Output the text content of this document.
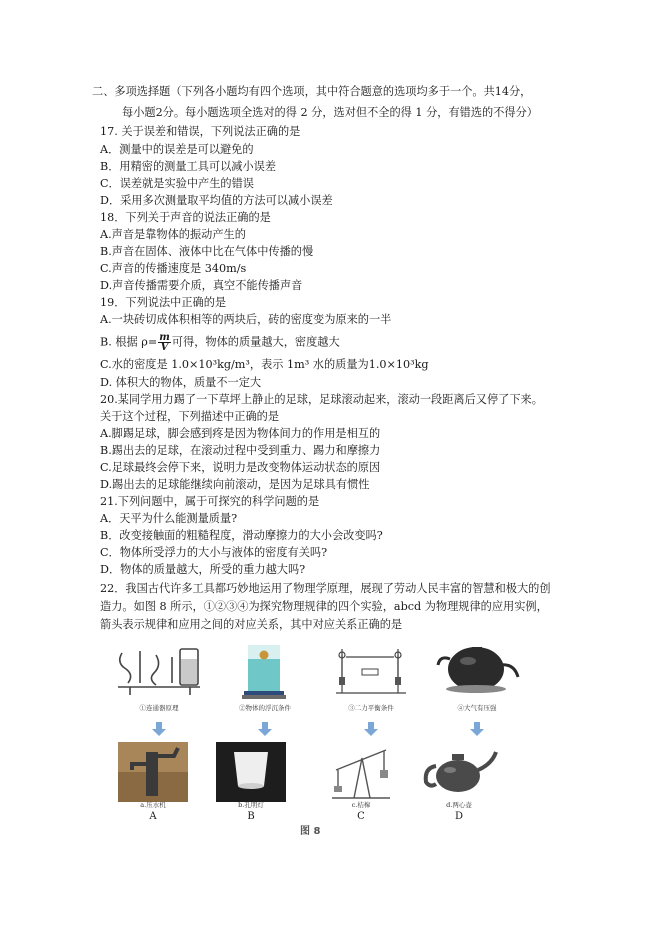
二、多项选择题（下列各小题均有四个选项，其中符合题意的选项均多于一个。共14分，
每小题2分。每小题选项全选对的得 2 分，选对但不全的得 1 分，有错选的不得分）
17. 关于误差和错误，下列说法正确的是
A．测量中的误差是可以避免的
B．用精密的测量工具可以减小误差
C．误差就是实验中产生的错误
D．采用多次测量取平均值的方法可以减小误差
18．下列关于声音的说法正确的是
A.声音是靠物体的振动产生的
B.声音在固体、液体中比在气体中传播的慢
C.声音的传播速度是 340m/s
D.声音传播需要介质，真空不能传播声音
19．下列说法中正确的是
A.一块砖切成体积相等的两块后，砖的密度变为原来的一半
B. 根据 $\rho= \frac{m}{V}$ 可得，物体的质量越大，密度越大
C.水的密度是 1.0×10³kg/m³，表示 1m³ 水的质量为1.0×10³kg
D. 体积大的物体，质量不一定大
20.某同学用力踢了一下草坪上静止的足球，足球滚动起来，滚动一段距离后又停了下来。
关于这个过程，下列描述中正确的是
A.脚踢足球，脚会感到疼是因为物体间力的作用是相互的
B.踢出去的足球，在滚动过程中受到重力、踢力和摩擦力
C.足球最终会停下来，说明力是改变物体运动状态的原因
D.踢出去的足球能继续向前滚动，是因为足球具有惯性
21.下列问题中，属于可探究的科学问题的是
A．天平为什么能测量质量?
B．改变接触面的粗糙程度，滑动摩擦力的大小会改变吗?
C．物体所受浮力的大小与液体的密度有关吗?
D．物体的质量越大，所受的重力越大吗?
22．我国古代许多工具都巧妙地运用了物理学原理，展现了劳动人民丰富的智慧和极大的创
造力。如图 8 所示，①②③④为探究物理规律的四个实验，abcd 为物理规律的应用实例，
箭头表示规律和应用之间的对应关系，其中对应关系正确的是
①连通器原理	②物体的浮沉条件	③二力平衡条件	④大气有压强
a.压水机	b.孔明灯	c.桔槔	d.两心壶
A	B	C	D
图 8
